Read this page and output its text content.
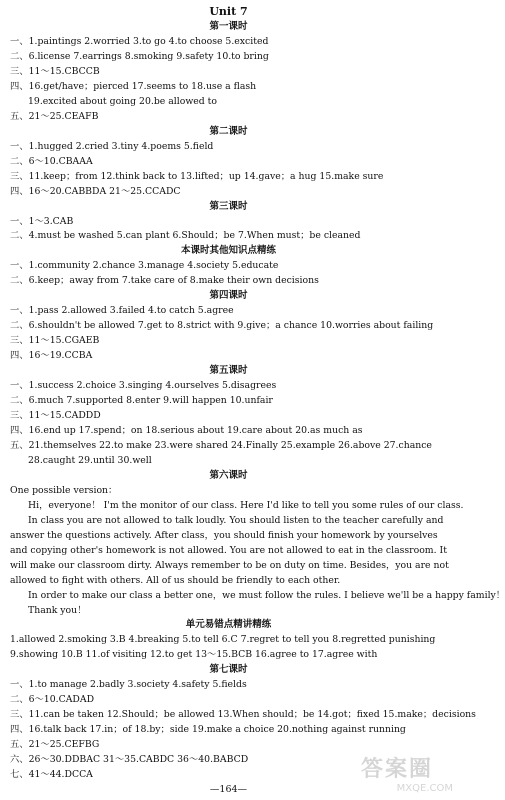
Unit 7
第一课时
一、1.paintings 2.worried 3.to go 4.to choose 5.excited
二、6.license 7.earrings 8.smoking 9.safety 10.to bring
三、11～15.CBCCB
四、16.get/have；pierced 17.seems to 18.use a flash
19.excited about going 20.be allowed to
五、21～25.CEAFB
第二课时
一、1.hugged 2.cried 3.tiny 4.poems 5.field
二、6～10.CBAAA
三、11.keep；from 12.think back to 13.lifted；up 14.gave；a hug 15.make sure
四、16～20.CABBDA 21～25.CCADC
第三课时
一、1～3.CAB
二、4.must be washed 5.can plant 6.Should；be 7.When must；be cleaned
本课时其他知识点精练
一、1.community 2.chance 3.manage 4.society 5.educate
二、6.keep；away from 7.take care of 8.make their own decisions
第四课时
一、1.pass 2.allowed 3.failed 4.to catch 5.agree
二、6.shouldn't be allowed 7.get to 8.strict with 9.give；a chance 10.worries about failing
三、11～15.CGAEB
四、16～19.CCBA
第五课时
一、1.success 2.choice 3.singing 4.ourselves 5.disagrees
二、6.much 7.supported 8.enter 9.will happen 10.unfair
三、11～15.CADDD
四、16.end up 17.spend；on 18.serious about 19.care about 20.as much as
五、21.themselves 22.to make 23.were shared 24.Finally 25.example 26.above 27.chance
28.caught 29.until 30.well
第六课时
One possible version：
Hi，everyone！ I'm the monitor of our class. Here I'd like to tell you some rules of our class.
In class you are not allowed to talk loudly. You should listen to the teacher carefully and answer the questions actively. After class，you should finish your homework by yourselves and copying other's homework is not allowed. You are not allowed to eat in the classroom. It will make our classroom dirty. Always remember to be on duty on time. Besides，you are not allowed to fight with others. All of us should be friendly to each other.
In order to make our class a better one，we must follow the rules. I believe we'll be a happy family！
Thank you！
单元易错点精讲精练
1.allowed 2.smoking 3.B 4.breaking 5.to tell 6.C 7.regret to tell you 8.regretted punishing
9.showing 10.B 11.of visiting 12.to get 13～15.BCB 16.agree to 17.agree with
第七课时
一、1.to manage 2.badly 3.society 4.safety 5.fields
—164—
答案圈
MXQE.COM
二、6～10.CADAD
三、11.can be taken 12.Should；be allowed 13.When should；be 14.got；fixed 15.make；decisions
四、16.talk back 17.in；of 18.by；side 19.make a choice 20.nothing against running
五、21～25.CEFBG
六、26～30.DDBAC 31～35.CABDC 36～40.BABCD
七、41～44.DCCA
